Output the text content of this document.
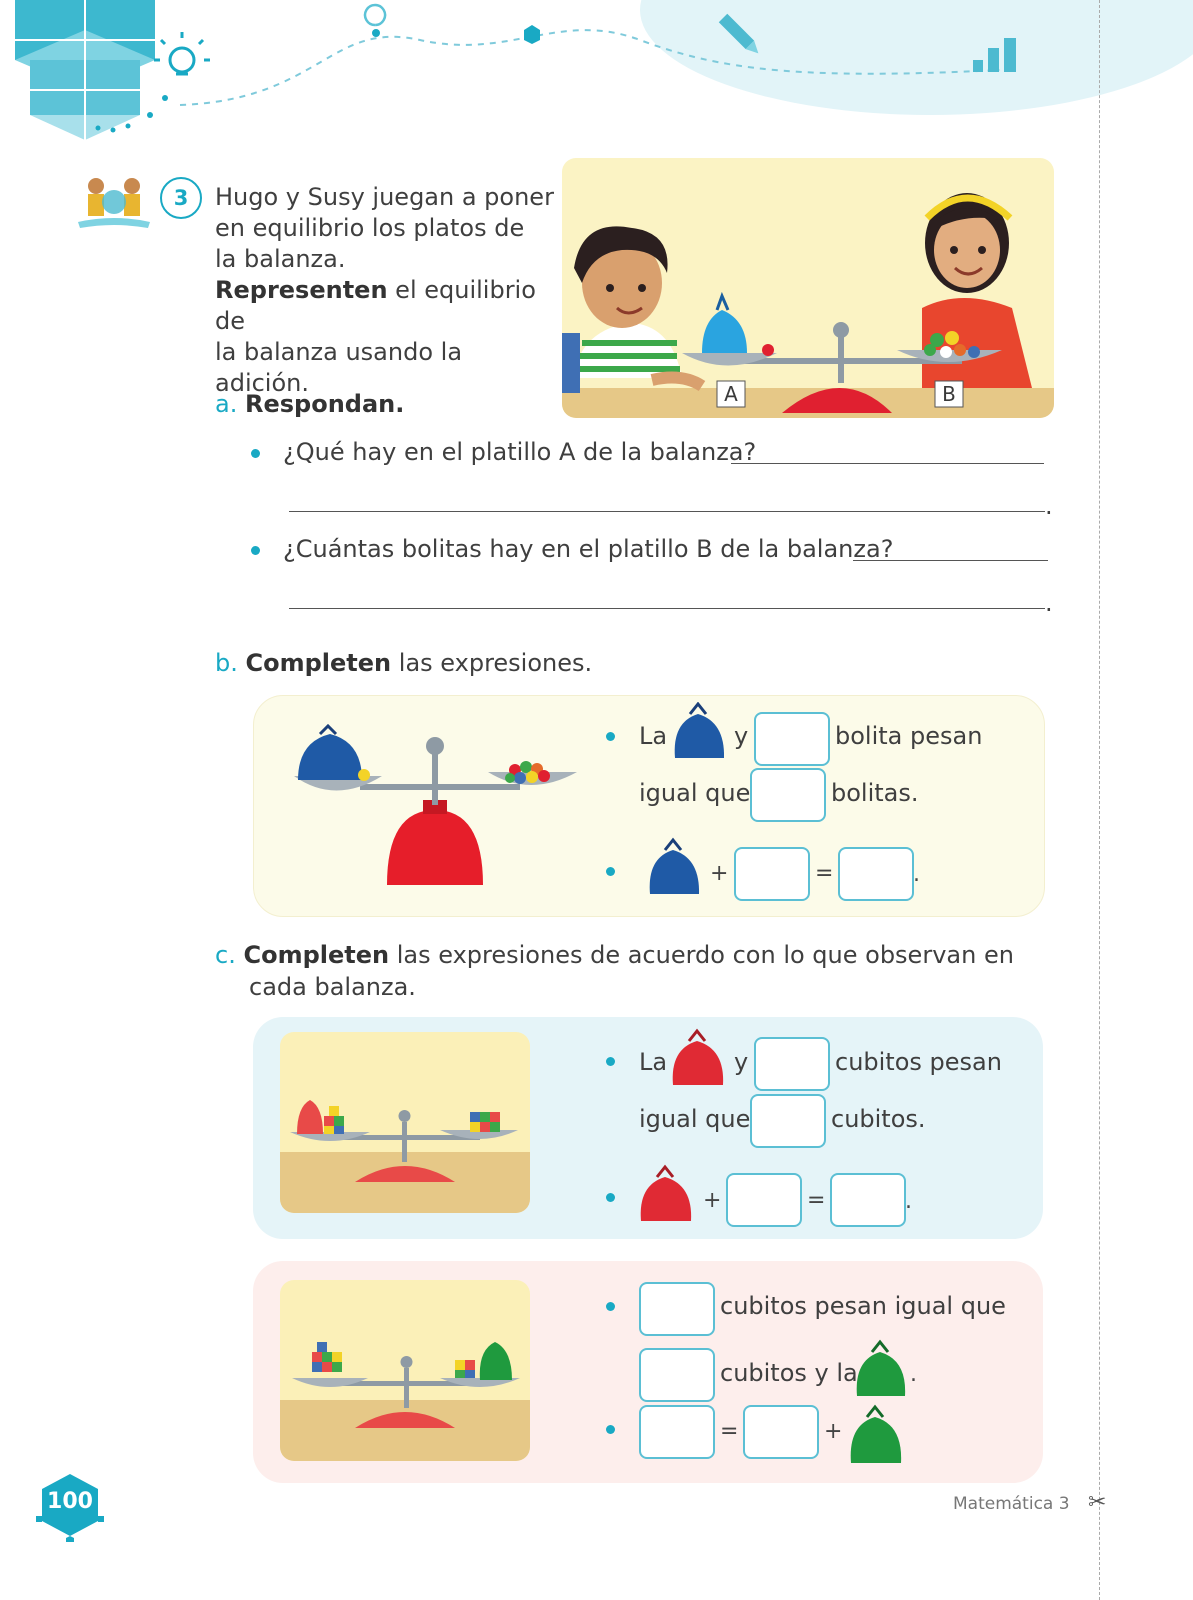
✂
3	Hugo y Susy juegan a poner
en equilibrio los platos de
la balanza.
Representen el equilibrio de
la balanza usando la adición.	A	B
a. Respondan.
¿Qué hay en el platillo A de la balanza?
.
¿Cuántas bolitas hay en el platillo B de la balanza?
.
b. Completen las expresiones.
La	y	bolita pesan
igual que	bolitas.
+	=	.
c. Completen las expresiones de acuerdo con lo que observan en
cada balanza.
La	y	cubitos pesan
igual que	cubitos.
+	=	.
cubitos pesan igual que
cubitos y la .
=	+
100	Matemática 3
